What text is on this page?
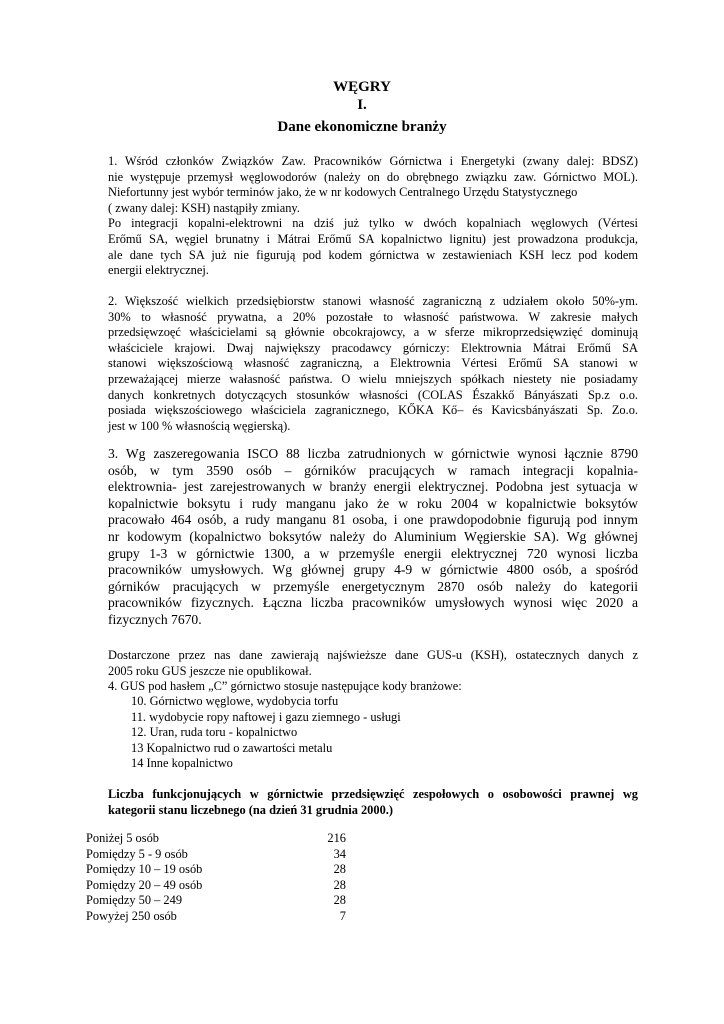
WĘGRY
I.
Dane ekonomiczne branży
1. Wśród członków Związków Zaw. Pracowników Górnictwa i Energetyki (zwany dalej: BDSZ)
nie występuje przemysł węglowodorów (należy on do obrębnego związku zaw. Górnictwo MOL).
Niefortunny jest wybór terminów jako, że w nr kodowych Centralnego Urzędu Statystycznego
( zwany dalej: KSH) nastąpiły zmiany.
Po integracji kopalni-elektrowni na dziś już tylko w dwóch kopalniach węglowych (Vértesi
Erőmű SA, węgiel brunatny i Mátrai Erőmű SA kopalnictwo lignitu) jest prowadzona produkcja,
ale dane tych SA już nie figurują pod kodem górnictwa w zestawieniach KSH lecz pod kodem
energii elektrycznej.
2. Większość wielkich przedsiębiorstw stanowi własność zagraniczną z udziałem około 50%-ym.
30% to własność prywatna, a 20% pozostałe to własność państwowa. W zakresie małych
przedsięwzoęć właścicielami są głównie obcokrajowcy, a w sferze mikroprzedsięwzięć dominują
właściciele krajowi. Dwaj największy pracodawcy górniczy: Elektrownia Mátrai Erőmű SA
stanowi większościową własność zagraniczną, a Elektrownia Vértesi Erőmű SA stanowi w
przeważającej mierze wałasność państwa. O wielu mniejszych spółkach niestety nie posiadamy
danych konkretnych dotyczących stosunków własności (COLAS Északkő Bányászati Sp.z o.o.
posiada większościowego właściciela zagranicznego, KŐKA Kő– és Kavicsbányászati Sp. Zo.o.
jest w 100 % własnością węgierską).
3. Wg zaszeregowania ISCO 88 liczba zatrudnionych w górnictwie wynosi łącznie 8790
osób, w tym 3590 osób – górników pracujących w ramach integracji kopalnia-
elektrownia- jest zarejestrowanych w branży energii elektrycznej. Podobna jest sytuacja w
kopalnictwie boksytu i rudy manganu jako że w roku 2004 w kopalnictwie boksytów
pracowało 464 osób, a rudy manganu 81 osoba, i one prawdopodobnie figurują pod innym
nr kodowym (kopalnictwo boksytów należy do Aluminium Węgierskie SA). Wg głównej
grupy 1-3 w górnictwie 1300, a w przemyśle energii elektrycznej 720 wynosi liczba
pracowników umysłowych. Wg głównej grupy 4-9 w górnictwie 4800 osób, a spośród
górników pracujących w przemyśle energetycznym 2870 osób należy do kategorii
pracowników fizycznych. Łączna liczba pracowników umysłowych wynosi więc 2020 a
fizycznych 7670.
Dostarczone przez nas dane zawierają najświeższe dane GUS-u (KSH), ostatecznych danych z
2005 roku GUS jeszcze nie opublikował.
4. GUS pod hasłem „C” górnictwo stosuje następujące kody branżowe:
10. Górnictwo węglowe, wydobycia torfu
11. wydobycie ropy naftowej i gazu ziemnego - usługi
12. Uran, ruda toru - kopalnictwo
13 Kopalnictwo rud o zawartości metalu
14 Inne kopalnictwo
Liczba funkcjonujących w górnictwie przedsięwzięć zespołowych o osobowości prawnej wg
kategorii stanu liczebnego (na dzień 31 grudnia 2000.)
Poniżej 5 osób	216
Pomiędzy 5 - 9 osób	34
Pomiędzy 10 – 19 osób	28
Pomiędzy 20 – 49 osób	28
Pomiędzy 50 – 249	28
Powyżej 250 osób	7
